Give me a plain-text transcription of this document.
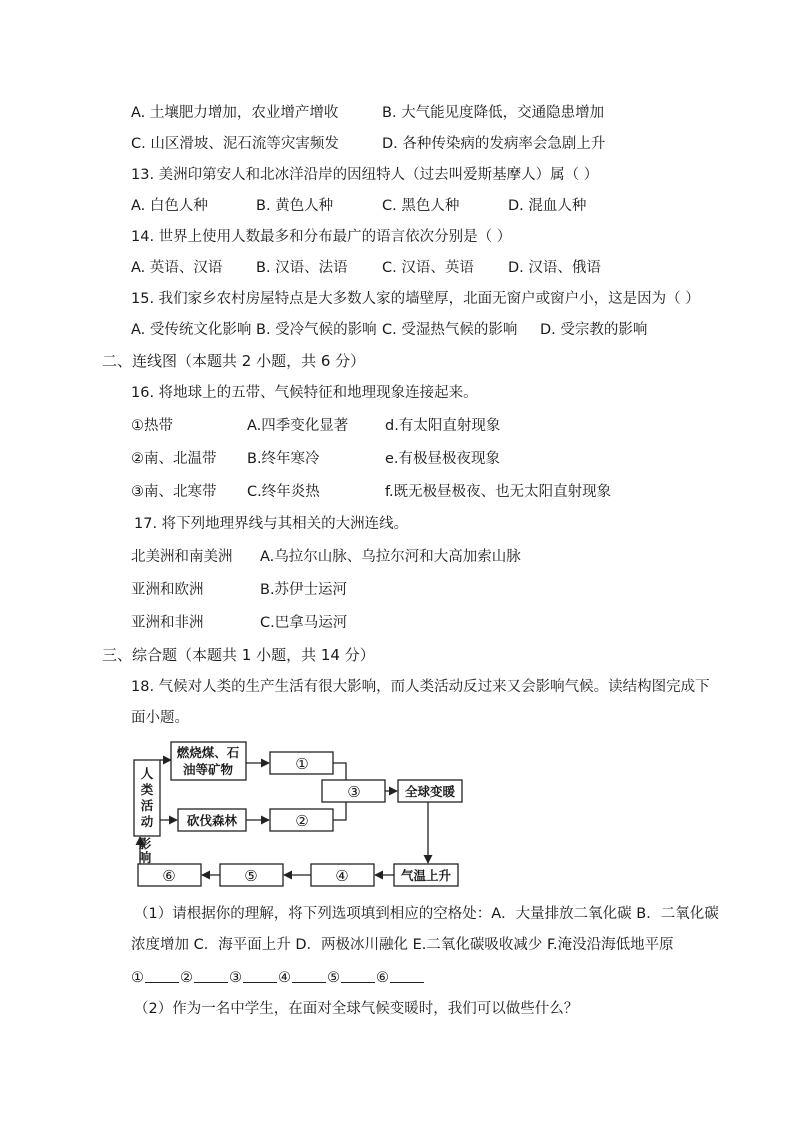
A. 土壤肥力增加，农业增产增收	B. 大气能见度降低，交通隐患增加
C. 山区滑坡、泥石流等灾害频发	D. 各种传染病的发病率会急剧上升
13. 美洲印第安人和北冰洋沿岸的因纽特人（过去叫爱斯基摩人）属（ ）
A. 白色人种	B. 黄色人种	C. 黑色人种	D. 混血人种
14. 世界上使用人数最多和分布最广的语言依次分别是（ ）
A. 英语、汉语 B. 汉语、法语 C. 汉语、英语 D. 汉语、俄语
15. 我们家乡农村房屋特点是大多数人家的墙壁厚，北面无窗户或窗户小，这是因为（ ）
A. 受传统文化影响 B. 受冷气候的影响 C. 受湿热气候的影响 D. 受宗教的影响
二、连线图（本题共 2 小题，共 6 分）
16. 将地球上的五带、气候特征和地理现象连接起来。
①热带	A.四季变化显著	d.有太阳直射现象
②南、北温带 B.终年寒冷	e.有极昼极夜现象
③南、北寒带 C.终年炎热	f.既无极昼极夜、也无太阳直射现象
17. 将下列地理界线与其相关的大洲连线。
北美洲和南美洲 A.乌拉尔山脉、乌拉尔河和大高加索山脉
亚洲和欧洲	B.苏伊士运河
亚洲和非洲	C.巴拿马运河
三、综合题（本题共 1 小题，共 14 分）
18. 气候对人类的生产生活有很大影响，而人类活动反过来又会影响气候。读结构图完成下
面小题。
人
类
活
动
燃烧煤、石
油等矿物
砍伐森林
全球变暖
气温上升
影
响
①
②
③
④
⑤
⑥
（1）请根据你的理解，将下列选项填到相应的空格处：A．大量排放二氧化碳 B．二氧化碳
浓度增加 C．海平面上升 D．两极冰川融化 E.二氧化碳吸收减少 F.淹没沿海低地平原
① ② ③ ④ ⑤ ⑥
（2）作为一名中学生，在面对全球气候变暖时，我们可以做些什么？
